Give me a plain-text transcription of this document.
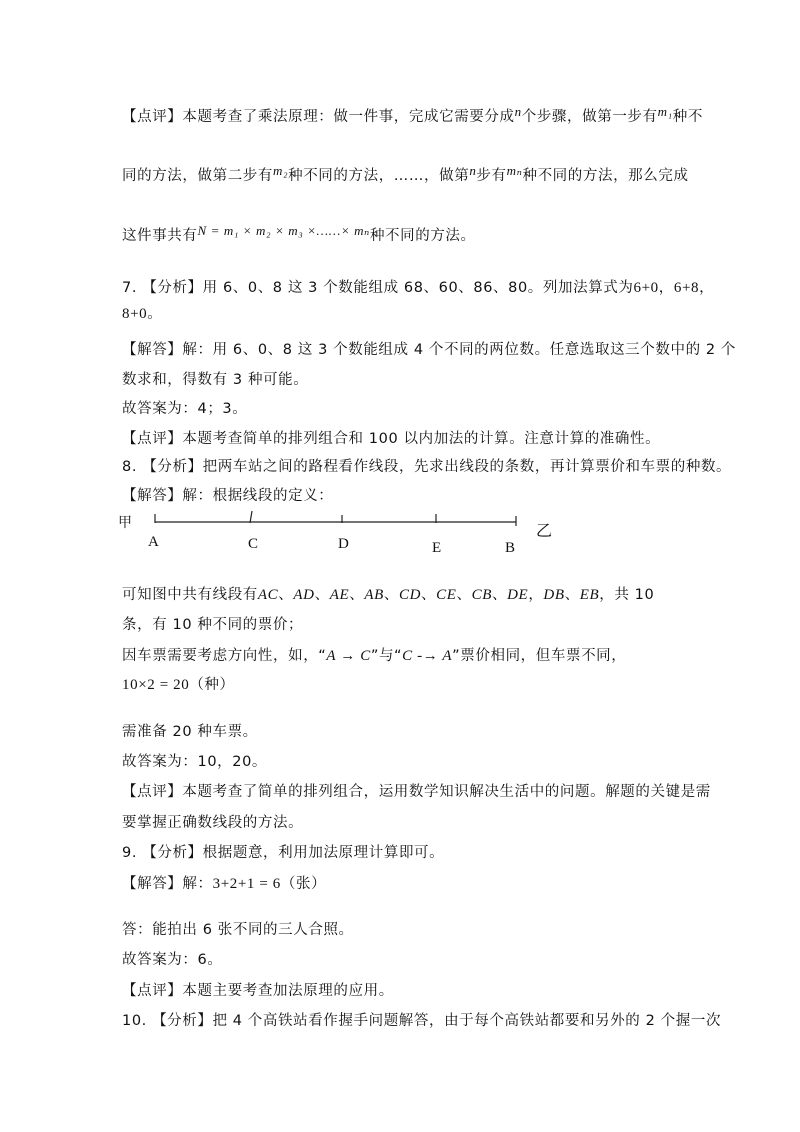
【点评】本题考查了乘法原理：做一件事，完成它需要分成n个步骤，做第一步有m₁种不
同的方法，做第二步有m₂种不同的方法，……，做第n步有mₙ种不同的方法，那么完成
这件事共有N = m₁ × m₂ × m₃ ×……× mₙ种不同的方法。
7. 【分析】用 6、0、8 这 3 个数能组成 68、60、86、80。列加法算式为6+0，6+8，
8+0。
【解答】解：用 6、0、8 这 3 个数能组成 4 个不同的两位数。任意选取这三个数中的 2 个
数求和，得数有 3 种可能。
故答案为：4；3。
【点评】本题考查简单的排列组合和 100 以内加法的计算。注意计算的准确性。
8. 【分析】把两车站之间的路程看作线段，先求出线段的条数，再计算票价和车票的种数。
【解答】解：根据线段的定义：
可知图中共有线段有AC、AD、AE、AB、CD、CE、CB、DE，DB、EB，共 10
条，有 10 种不同的票价；
因车票需要考虑方向性，如，“A → C”与“C -→ A”票价相同，但车票不同，
10×2 = 20（种）
需准备 20 种车票。
故答案为：10，20。
【点评】本题考查了简单的排列组合，运用数学知识解决生活中的问题。解题的关键是需
要掌握正确数线段的方法。
9. 【分析】根据题意，利用加法原理计算即可。
【解答】解：3+2+1 = 6（张）
答：能拍出 6 张不同的三人合照。
故答案为：6。
【点评】本题主要考查加法原理的应用。
10. 【分析】把 4 个高铁站看作握手问题解答，由于每个高铁站都要和另外的 2 个握一次
甲	乙
A	C	D	E	B
